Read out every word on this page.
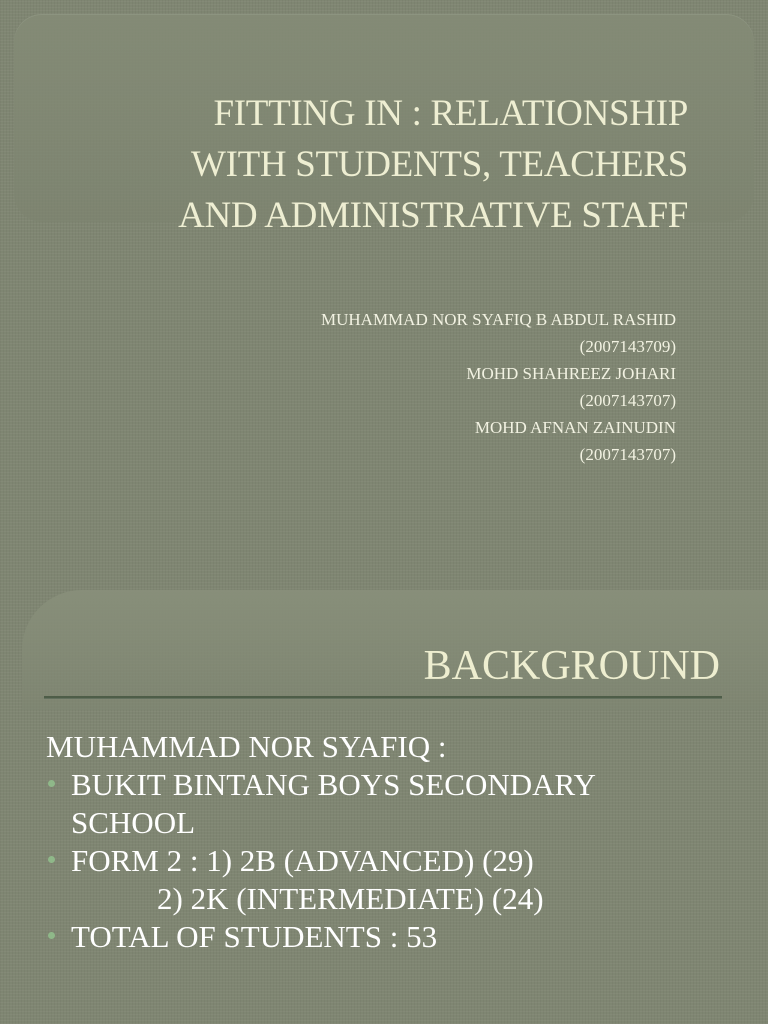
FITTING IN : RELATIONSHIP
WITH STUDENTS, TEACHERS
AND ADMINISTRATIVE STAFF
MUHAMMAD NOR SYAFIQ B ABDUL RASHID
(2007143709)
MOHD SHAHREEZ JOHARI
(2007143707)
MOHD AFNAN ZAINUDIN
(2007143707)
BACKGROUND

MUHAMMAD NOR SYAFIQ :

BUKIT BINTANG BOYS SECONDARY
SCHOOL
FORM 2 : 1) 2B (ADVANCED) (29)
2) 2K (INTERMEDIATE) (24)
TOTAL OF STUDENTS : 53
